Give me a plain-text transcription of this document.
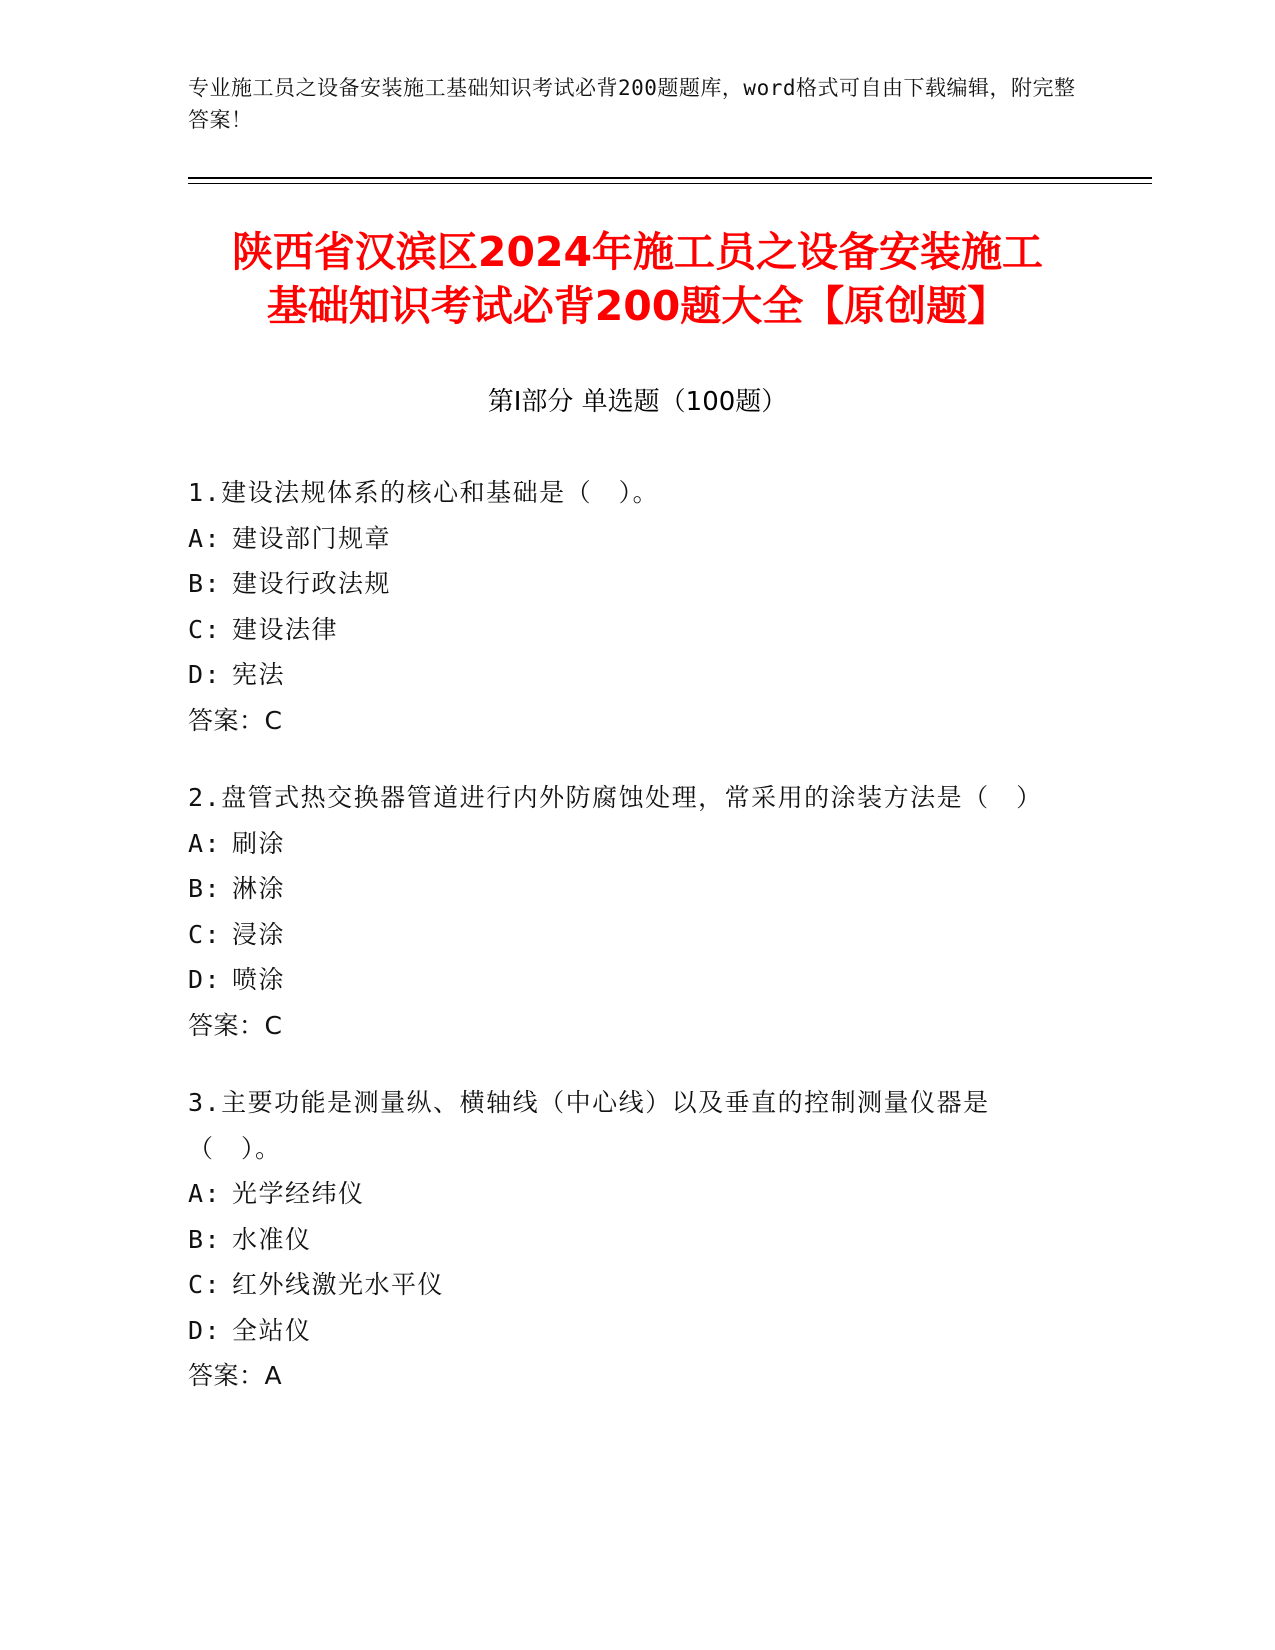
专业施工员之设备安装施工基础知识考试必背200题题库，word格式可自由下载编辑，附完整答案！
陕西省汉滨区2024年施工员之设备安装施工
基础知识考试必背200题大全【原创题】
第Ⅰ部分 单选题（100题）
1.建设法规体系的核心和基础是（　）。
A: 建设部门规章
B: 建设行政法规
C: 建设法律
D: 宪法
答案：C
2.盘管式热交换器管道进行内外防腐蚀处理，常采用的涂装方法是（　）
A: 刷涂
B: 淋涂
C: 浸涂
D: 喷涂
答案：C
3.主要功能是测量纵、横轴线（中心线）以及垂直的控制测量仪器是（　）。
A: 光学经纬仪
B: 水准仪
C: 红外线激光水平仪
D: 全站仪
答案：A
